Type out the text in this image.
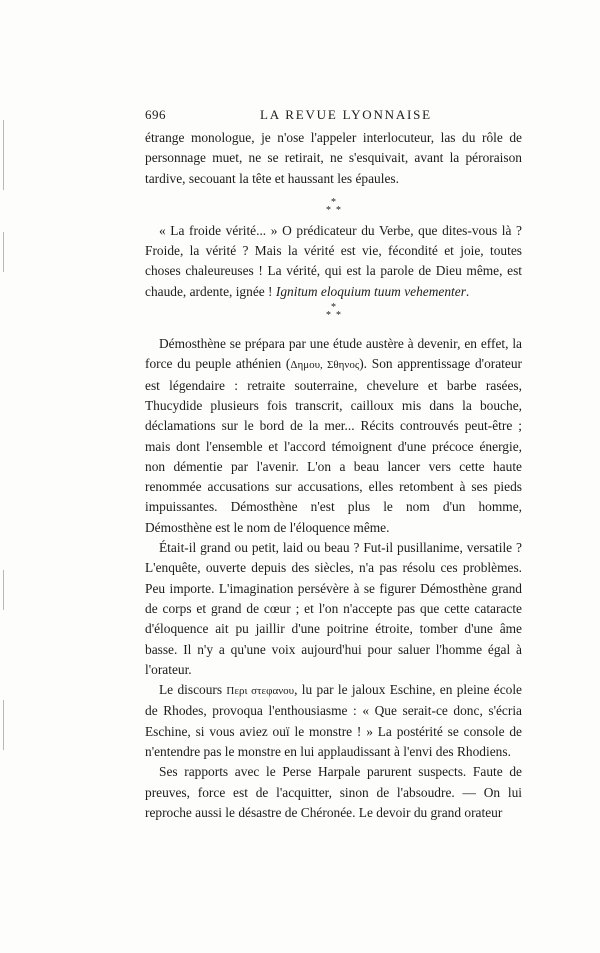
696	LA REVUE LYONNAISE

étrange monologue, je n'ose l'appeler interlocuteur, las du rôle de personnage muet, ne se retirait, ne s'esquivait, avant la péroraison tardive, secouant la tête et haussant les épaules.

*
**

« La froide vérité... » O prédicateur du Verbe, que dites-vous là ? Froide, la vérité ? Mais la vérité est vie, fécondité et joie, toutes choses chaleureuses ! La vérité, qui est la parole de Dieu même, est chaude, ardente, ignée ! Ignitum eloquium tuum vehementer.

*
**

Démosthène se prépara par une étude austère à devenir, en effet, la force du peuple athénien (Δημου, Σθηνος). Son apprentissage d'orateur est légendaire : retraite souterraine, chevelure et barbe rasées, Thucydide plusieurs fois transcrit, cailloux mis dans la bouche, déclamations sur le bord de la mer... Récits controuvés peut-être ; mais dont l'ensemble et l'accord témoignent d'une précoce énergie, non démentie par l'avenir. L'on a beau lancer vers cette haute renommée accusations sur accusations, elles retombent à ses pieds impuissantes. Démosthène n'est plus le nom d'un homme, Démosthène est le nom de l'éloquence même.

Était-il grand ou petit, laid ou beau ? Fut-il pusillanime, versatile ? L'enquête, ouverte depuis des siècles, n'a pas résolu ces problèmes. Peu importe. L'imagination persévère à se figurer Démosthène grand de corps et grand de cœur ; et l'on n'accepte pas que cette cataracte d'éloquence ait pu jaillir d'une poitrine étroite, tomber d'une âme basse. Il n'y a qu'une voix aujourd'hui pour saluer l'homme égal à l'orateur.

Le discours Περι στεφανου, lu par le jaloux Eschine, en pleine école de Rhodes, provoqua l'enthousiasme : « Que serait-ce donc, s'écria Eschine, si vous aviez ouï le monstre ! » La postérité se console de n'entendre pas le monstre en lui applaudissant à l'envi des Rhodiens.

Ses rapports avec le Perse Harpale parurent suspects. Faute de preuves, force est de l'acquitter, sinon de l'absoudre. — On lui reproche aussi le désastre de Chéronée. Le devoir du grand orateur
